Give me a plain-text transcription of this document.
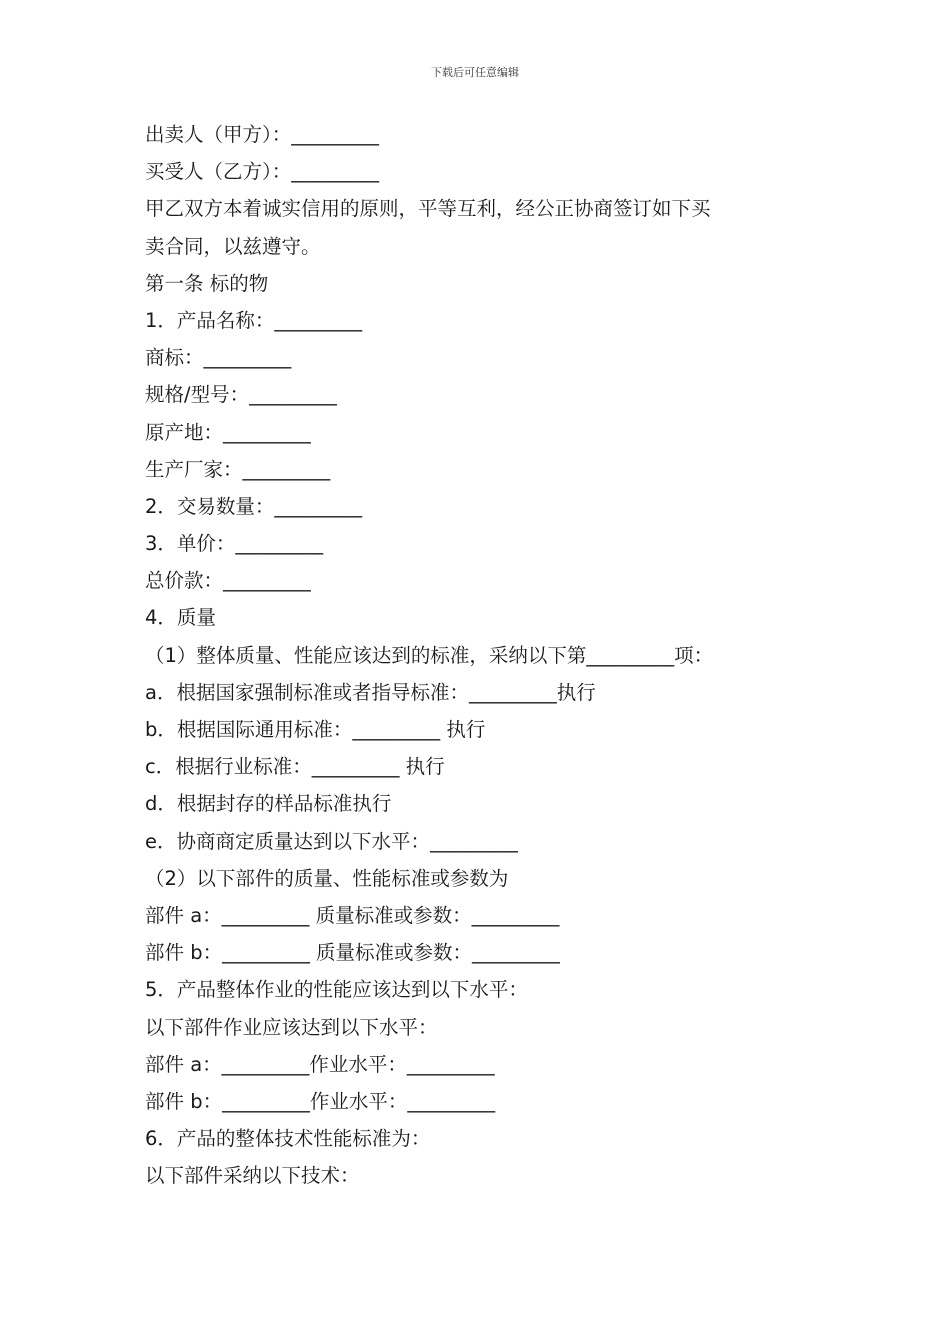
下载后可任意编辑
出卖人（甲方）：_________
买受人（乙方）：_________
甲乙双方本着诚实信用的原则，平等互利，经公正协商签订如下买
卖合同，以兹遵守。
第一条 标的物
1．产品名称：_________
商标：_________
规格/型号：_________
原产地：_________
生产厂家：_________
2．交易数量：_________
3．单价：_________
总价款：_________
4．质量
（1）整体质量、性能应该达到的标准，采纳以下第_________项：
a．根据国家强制标准或者指导标准：_________执行
b．根据国际通用标准：_________ 执行
c．根据行业标准：_________ 执行
d．根据封存的样品标准执行
e．协商商定质量达到以下水平：_________
（2）以下部件的质量、性能标准或参数为
部件 a：_________ 质量标准或参数：_________
部件 b：_________ 质量标准或参数：_________
5．产品整体作业的性能应该达到以下水平：
以下部件作业应该达到以下水平：
部件 a：_________作业水平：_________
部件 b：_________作业水平：_________
6．产品的整体技术性能标准为：
以下部件采纳以下技术：
